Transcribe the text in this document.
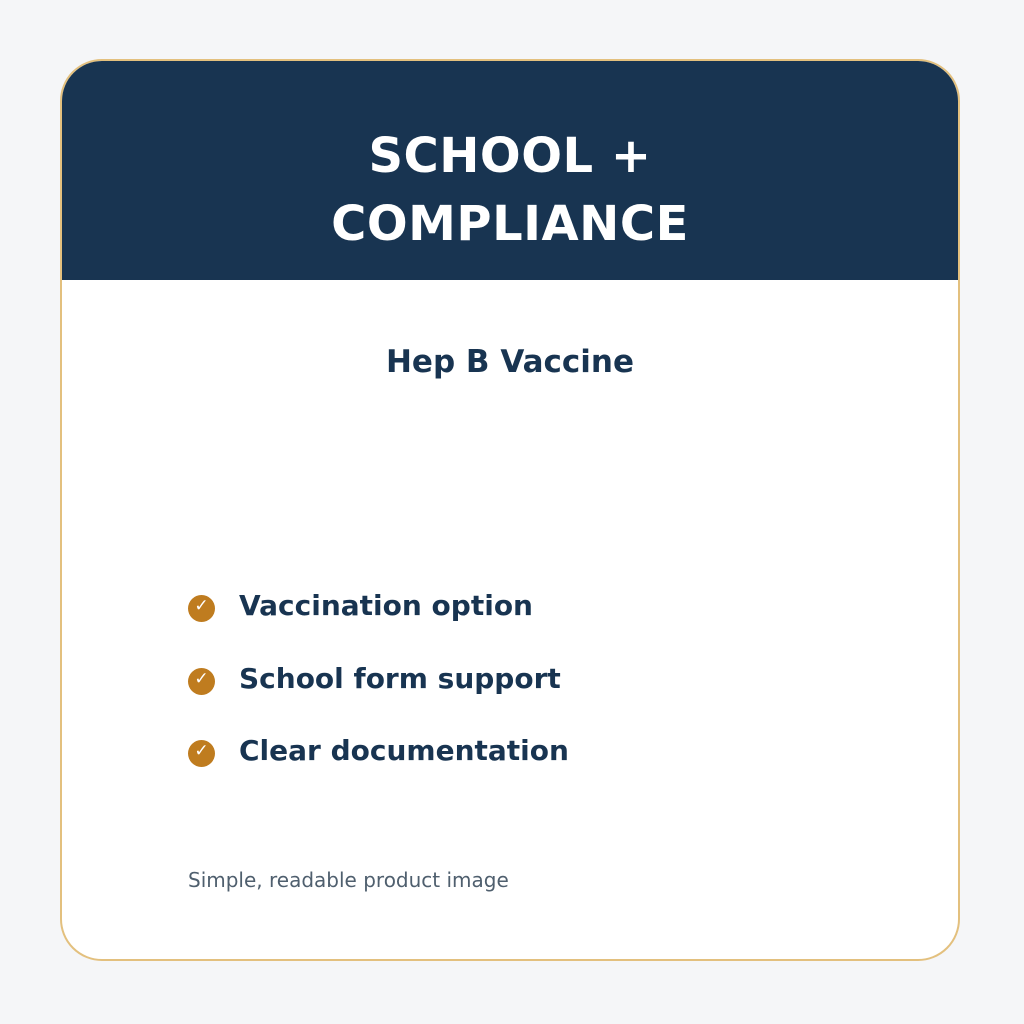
SCHOOL +
COMPLIANCE
Hep B Vaccine
✓ Vaccination option
✓ School form support
✓ Clear documentation
Simple, readable product image
